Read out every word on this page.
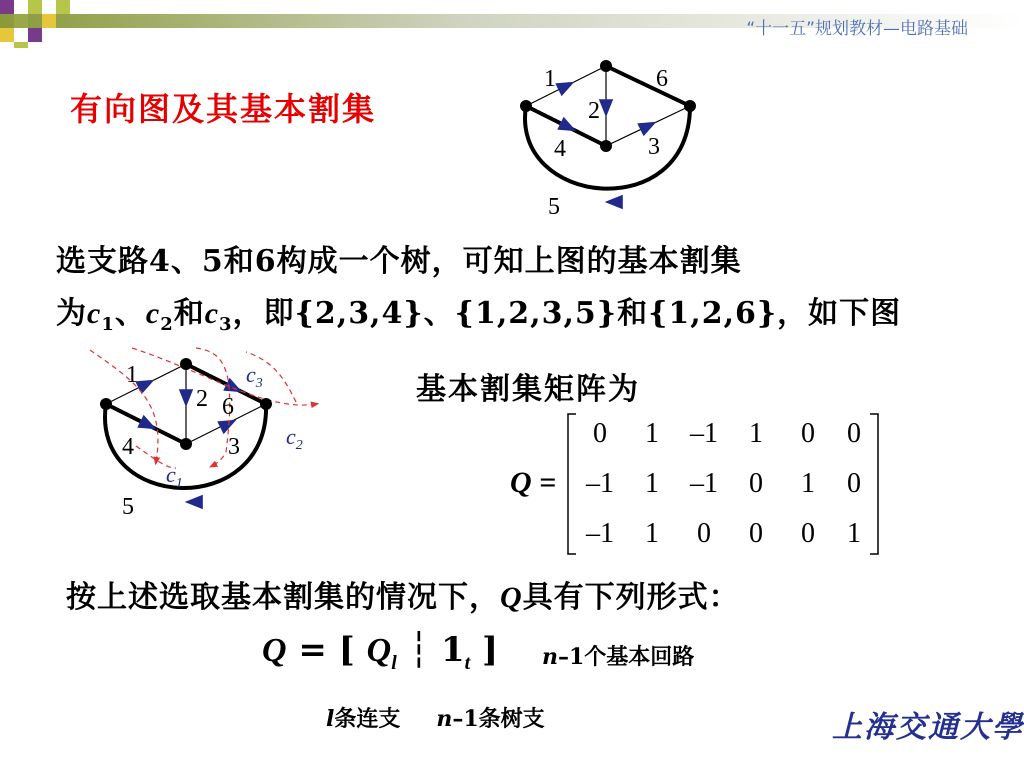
“十一五”规划教材—电路基础
有向图及其基本割集
1
2
3
4
5
6
选支路4、5和6构成一个树，可知上图的基本割集
为$c_1$、$c_2$和$c_3$，即{2,3,4}、{1,2,3,5}和{1,2,6}，如下图
1
2 6
4	3
5
$c_1$
$c_2$
$c_3$	基本割集矩阵为
Q =
0	1	–1	1	0	0
–1	1	–1	0	1	0
–1	1	0	0	0	1
按上述选取基本割集的情况下，Q具有下列形式：
Q = [ $Q_l$ ┆ $1_t$ ] n–1个基本回路
l条连支 n–1条树支	上海交通大學
